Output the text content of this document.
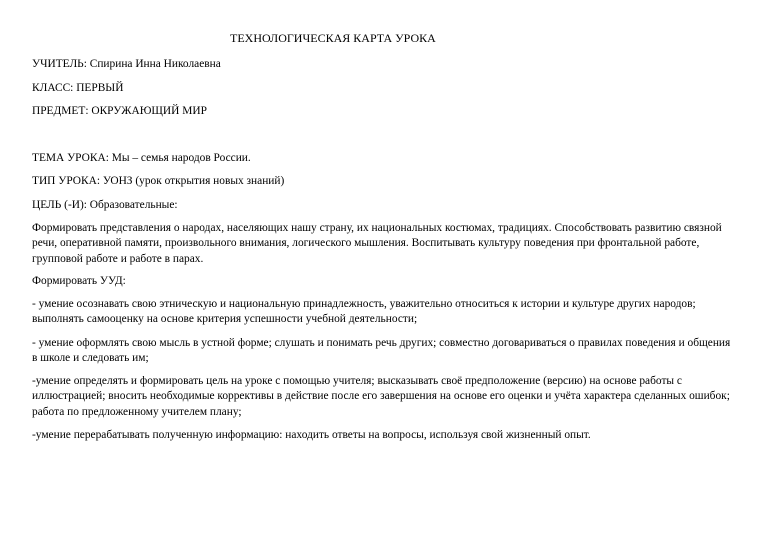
ТЕХНОЛОГИЧЕСКАЯ КАРТА УРОКА
УЧИТЕЛЬ: Спирина Инна Николаевна
КЛАСС: ПЕРВЫЙ
ПРЕДМЕТ: ОКРУЖАЮЩИЙ МИР
ТЕМА УРОКА: Мы – семья народов России.
ТИП УРОКА: УОНЗ (урок открытия новых знаний)
ЦЕЛЬ (-И): Образовательные:
Формировать представления о народах, населяющих нашу страну, их национальных костюмах, традициях. Способствовать развитию связной речи, оперативной памяти, произвольного внимания, логического мышления. Воспитывать культуру поведения при фронтальной работе, групповой работе и работе в парах.
Формировать УУД:
- умение осознавать свою этническую и национальную принадлежность, уважительно относиться к истории и культуре других народов; выполнять самооценку на основе критерия успешности учебной деятельности;
- умение оформлять свою мысль в устной форме; слушать и понимать речь других; совместно договариваться о правилах поведения и общения в школе и следовать им;
-умение определять и формировать цель на уроке с помощью учителя; высказывать своё предположение (версию) на основе работы с иллюстрацией; вносить необходимые коррективы в действие после его завершения на основе его оценки и учёта характера сделанных ошибок; работа по предложенному учителем плану;
-умение перерабатывать полученную информацию: находить ответы на вопросы, используя свой жизненный опыт.
